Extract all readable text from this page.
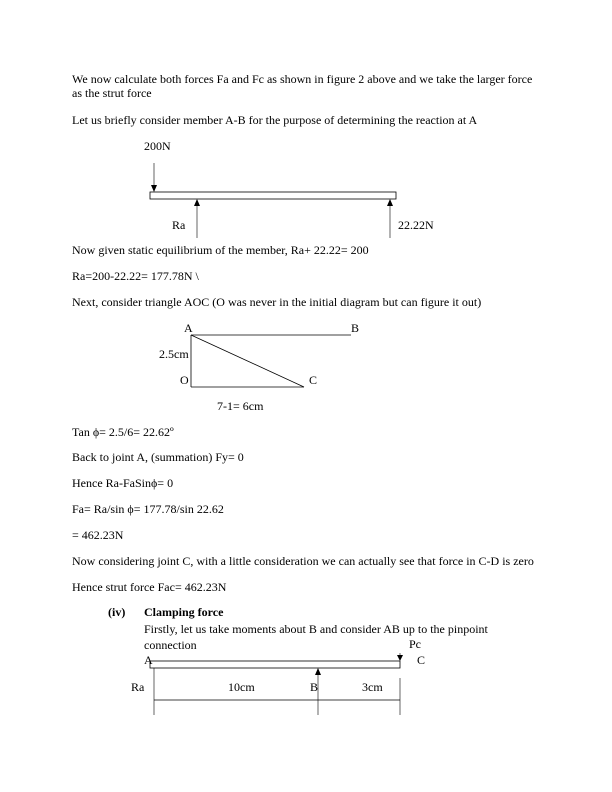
We now calculate both forces Fa and Fc as shown in figure 2 above and we take the larger force as the strut force
Let us briefly consider member A-B for the purpose of determining the reaction at A
200N
Ra	22.22N
Now given static equilibrium of the member, Ra+ 22.22= 200
Ra=200-22.22= 177.78N \
Next, consider triangle AOC (O was never in the initial diagram but can figure it out)
A	B
2.5cm
O	C
7-1= 6cm
Tan ϕ= 2.5/6= 22.62º
Back to joint A, (summation) Fy= 0
Hence Ra-FaSinϕ= 0
Fa= Ra/sin ϕ= 177.78/sin 22.62
= 462.23N
Now considering joint C, with a little consideration we can actually see that force in C-D is zero
Hence strut force Fac= 462.23N
(iv) Clamping force
Firstly, let us take moments about B and consider AB up to the pinpoint connection
A
Pc
C
Ra	10cm	B	3cm
